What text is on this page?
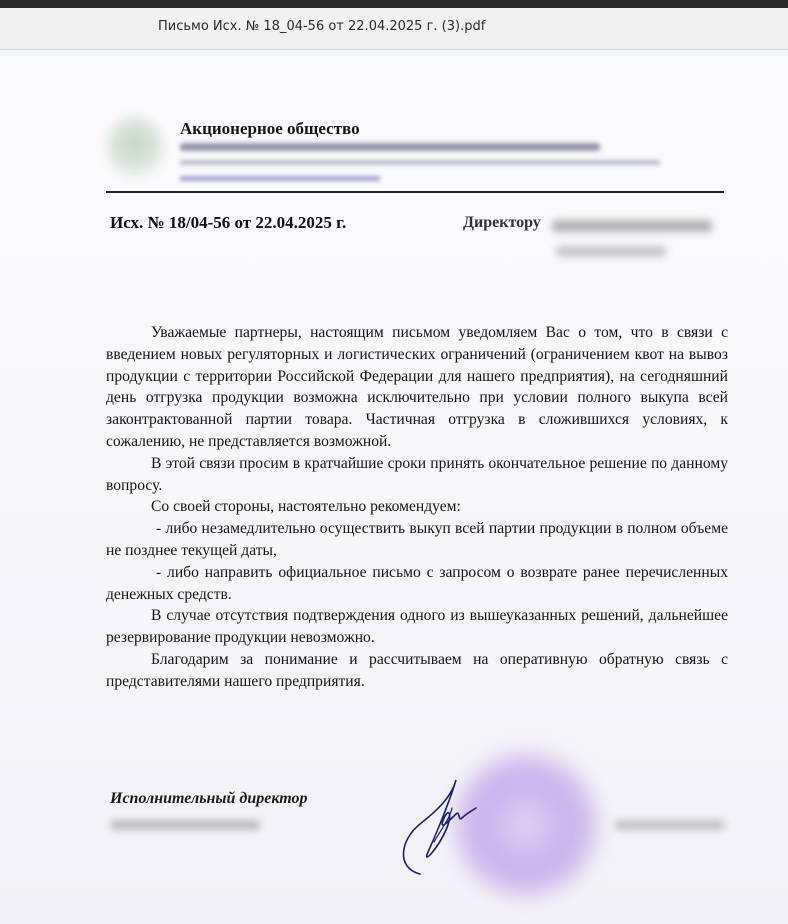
Письмо Исх. № 18_04-56 от 22.04.2025 г. (3).pdf
Акционерное общество
Исх. № 18/04-56 от 22.04.2025 г.	Директору

Уважаемые партнеры, настоящим письмом уведомляем Вас о том, что в связи с введением новых регуляторных и логистических ограничений (ограничением квот на вывоз продукции с территории Российской Федерации для нашего предприятия), на сегодняшний день отгрузка продукции возможна исключительно при условии полного выкупа всей законтрактованной партии товара. Частичная отгрузка в сложившихся условиях, к сожалению, не представляется возможной.

В этой связи просим в кратчайшие сроки принять окончательное решение по данному вопросу.

Со своей стороны, настоятельно рекомендуем:

- либо незамедлительно осуществить выкуп всей партии продукции в полном объеме не позднее текущей даты,

- либо направить официальное письмо с запросом о возврате ранее перечисленных денежных средств.

В случае отсутствия подтверждения одного из вышеуказанных решений, дальнейшее резервирование продукции невозможно.

Благодарим за понимание и рассчитываем на оперативную обратную связь с представителями нашего предприятия.

Исполнительный директор
